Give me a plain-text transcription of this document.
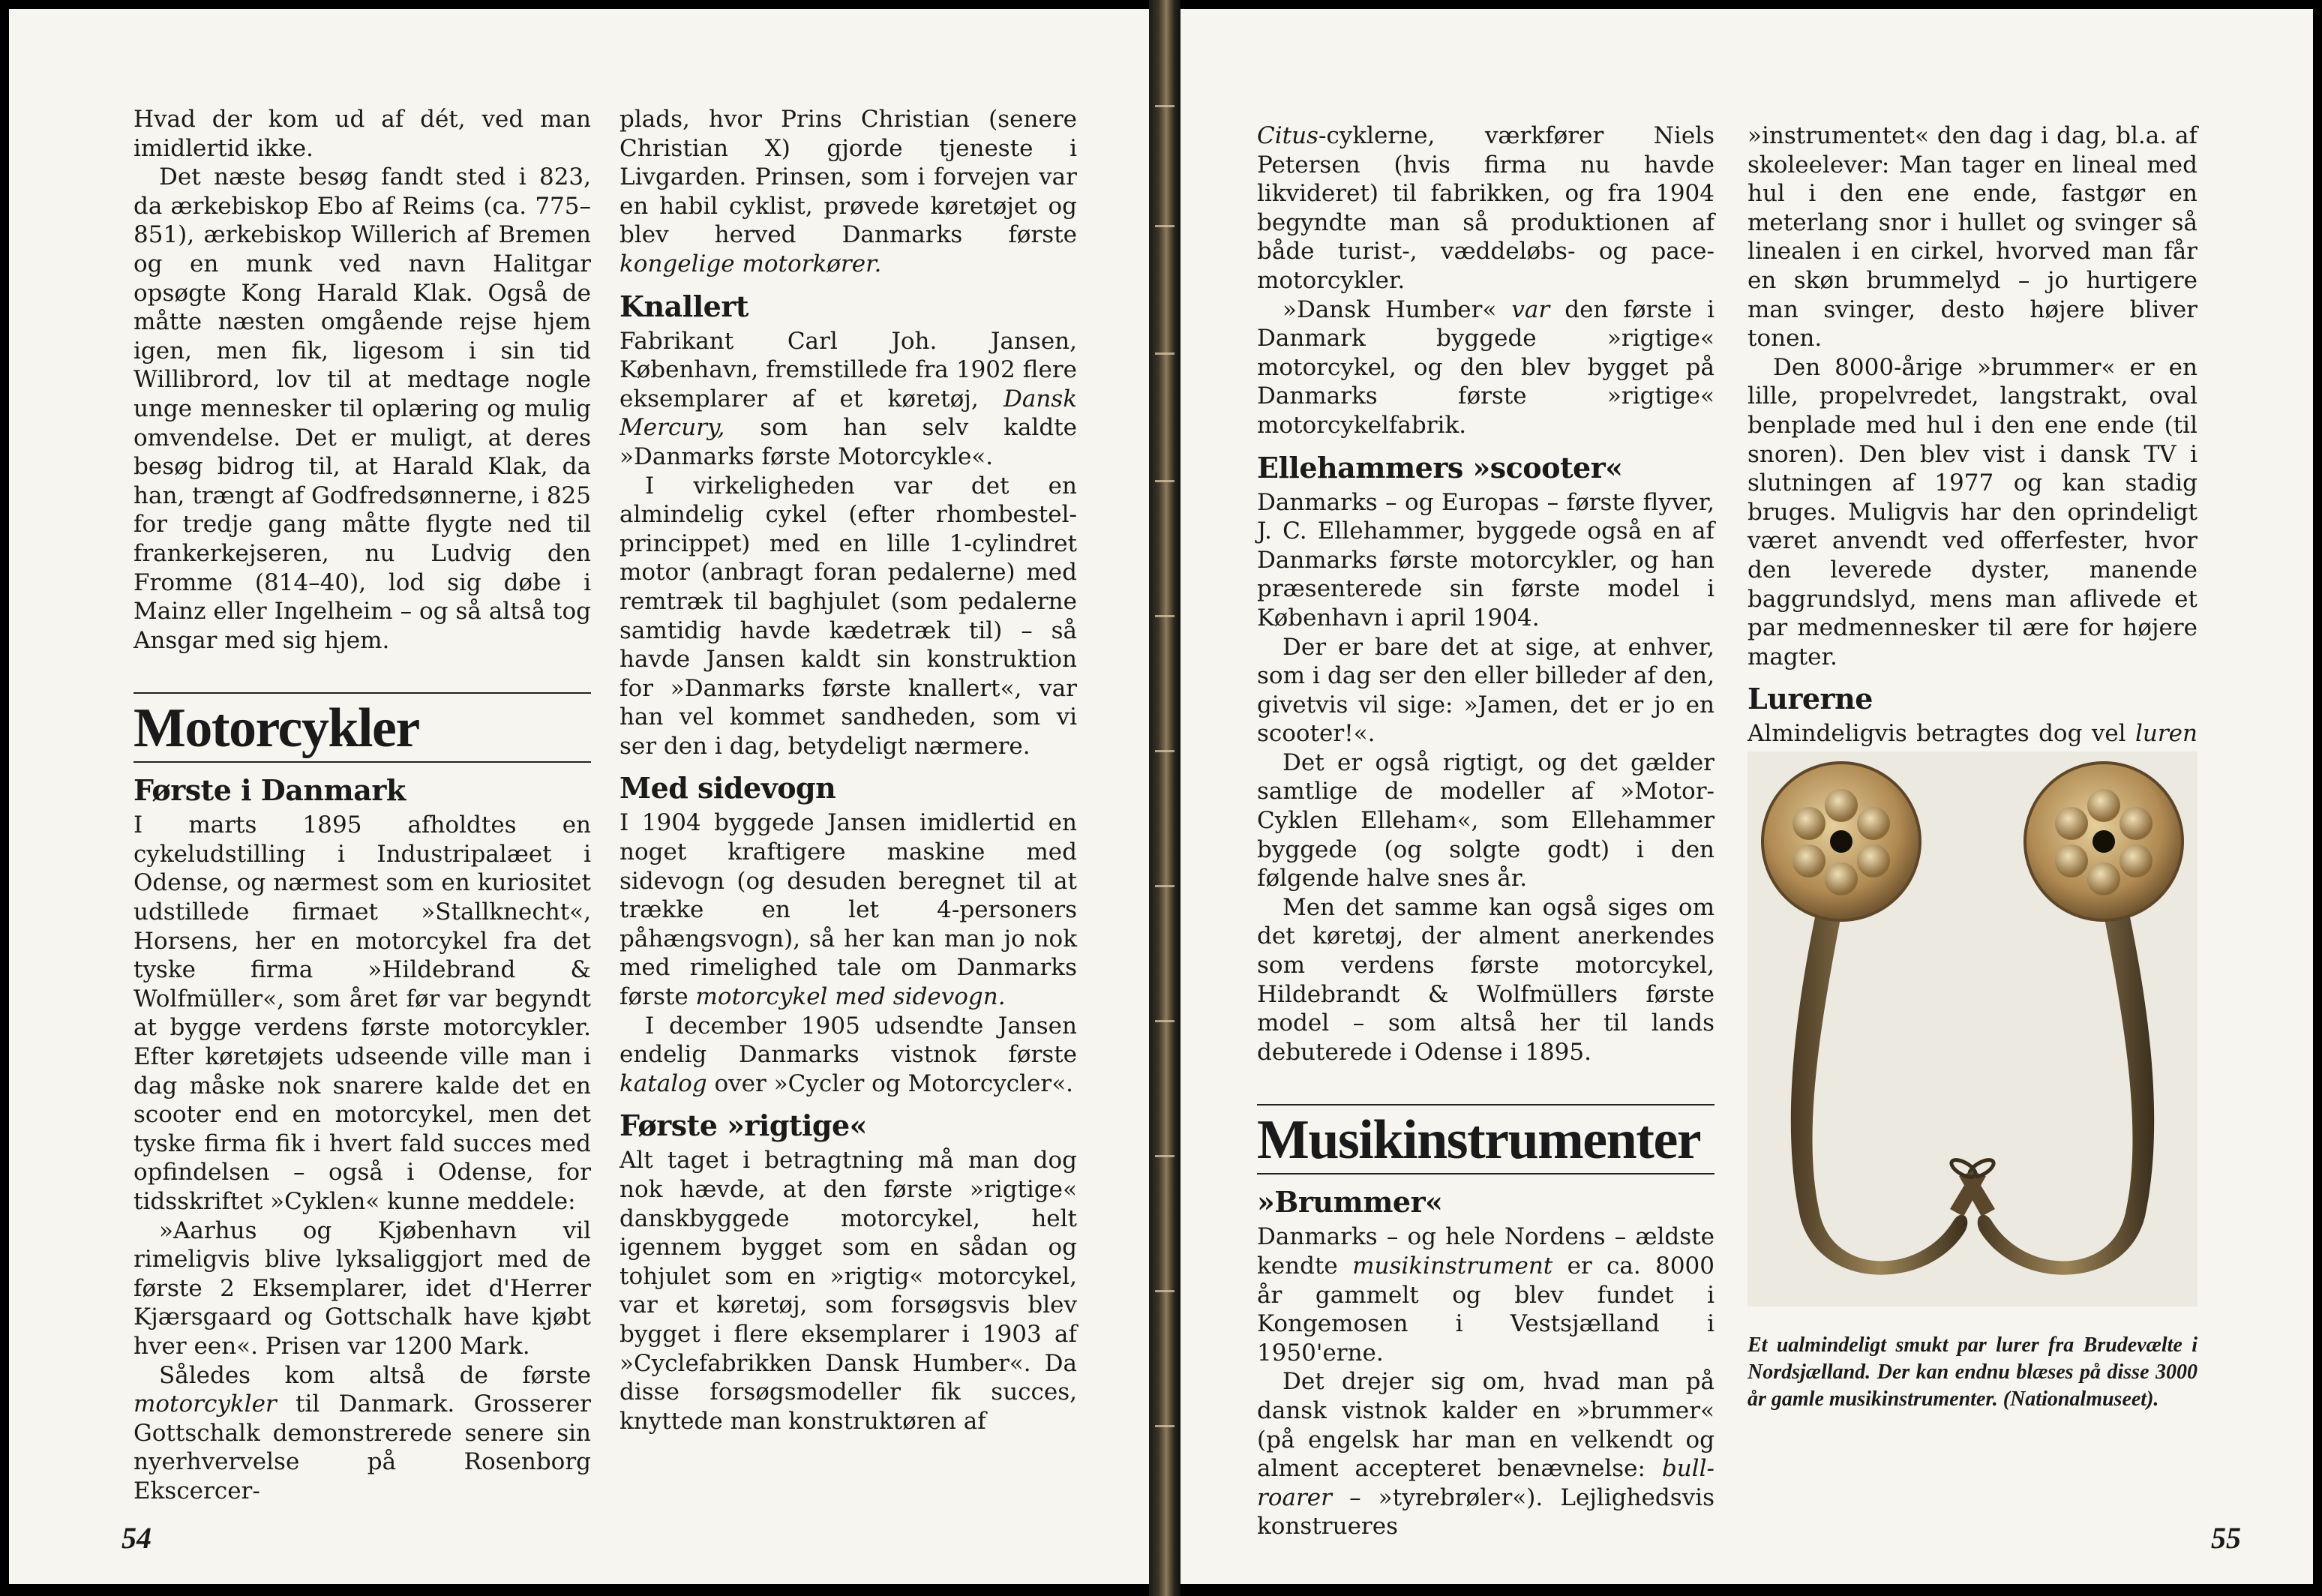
Hvad der kom ud af dét, ved man imidlertid ikke.

Det næste besøg fandt sted i 823, da ærkebiskop Ebo af Reims (ca. 775–851), ærkebiskop Willerich af Bremen og en munk ved navn Halitgar opsøgte Kong Harald Klak. Også de måtte næsten omgående rejse hjem igen, men fik, ligesom i sin tid Willibrord, lov til at medtage nogle unge mennesker til oplæring og mulig omvendelse. Det er muligt, at deres besøg bidrog til, at Harald Klak, da han, trængt af Godfredsønnerne, i 825 for tredje gang måtte flygte ned til frankerkejseren, nu Ludvig den Fromme (814–40), lod sig døbe i Mainz eller Ingelheim – og så altså tog Ansgar med sig hjem.

Motorcykler
Første i Danmark

I marts 1895 afholdtes en cykeludstilling i Industripalæet i Odense, og nærmest som en kuriositet udstillede firmaet »Stallknecht«, Horsens, her en motorcykel fra det tyske firma »Hildebrand & Wolfmüller«, som året før var begyndt at bygge verdens første motorcykler. Efter køretøjets udseende ville man i dag måske nok snarere kalde det en scooter end en motorcykel, men det tyske firma fik i hvert fald succes med opfindelsen – også i Odense, for tidsskriftet »Cyklen« kunne meddele:

»Aarhus og Kjøbenhavn vil rimeligvis blive lyksaliggjort med de første 2 Eksemplarer, idet d'Herrer Kjærsgaard og Gottschalk have kjøbt hver een«. Prisen var 1200 Mark.

Således kom altså de første motorcykler til Danmark. Grosserer Gottschalk demonstrerede senere sin nyerhvervelse på Rosenborg Ekscercer-

plads, hvor Prins Christian (senere Christian X) gjorde tjeneste i Livgarden. Prinsen, som i forvejen var en habil cyklist, prøvede køretøjet og blev herved Danmarks første kongelige motorkører.

Knallert

Fabrikant Carl Joh. Jansen, København, fremstillede fra 1902 flere eksemplarer af et køretøj, Dansk Mercury, som han selv kaldte »Danmarks første Motorcykle«.

I virkeligheden var det en almindelig cykel (efter rhombestel-princippet) med en lille 1-cylindret motor (anbragt foran pedalerne) med remtræk til baghjulet (som pedalerne samtidig havde kædetræk til) – så havde Jansen kaldt sin konstruktion for »Danmarks første knallert«, var han vel kommet sandheden, som vi ser den i dag, betydeligt nærmere.

Med sidevogn

I 1904 byggede Jansen imidlertid en noget kraftigere maskine med sidevogn (og desuden beregnet til at trække en let 4-personers påhængsvogn), så her kan man jo nok med rimelighed tale om Danmarks første motorcykel med sidevogn.

I december 1905 udsendte Jansen endelig Danmarks vistnok første katalog over »Cycler og Motorcycler«.

Første »rigtige«

Alt taget i betragtning må man dog nok hævde, at den første »rigtige« danskbyggede motorcykel, helt igennem bygget som en sådan og tohjulet som en »rigtig« motorcykel, var et køretøj, som forsøgsvis blev bygget i flere eksemplarer i 1903 af »Cyclefabrikken Dansk Humber«. Da disse forsøgsmodeller fik succes, knyttede man konstruktøren af

54

Citus-cyklerne, værkfører Niels Petersen (hvis firma nu havde likvideret) til fabrikken, og fra 1904 begyndte man så produktionen af både turist-, væddeløbs- og pace-motorcykler.

»Dansk Humber« var den første i Danmark byggede »rigtige« motorcykel, og den blev bygget på Danmarks første »rigtige« motorcykelfabrik.

Ellehammers »scooter«

Danmarks – og Europas – første flyver, J. C. Ellehammer, byggede også en af Danmarks første motorcykler, og han præsenterede sin første model i København i april 1904.

Der er bare det at sige, at enhver, som i dag ser den eller billeder af den, givetvis vil sige: »Jamen, det er jo en scooter!«.

Det er også rigtigt, og det gælder samtlige de modeller af »Motor-Cyklen Elleham«, som Ellehammer byggede (og solgte godt) i den følgende halve snes år.

Men det samme kan også siges om det køretøj, der alment anerkendes som verdens første motorcykel, Hildebrandt & Wolfmüllers første model – som altså her til lands debuterede i Odense i 1895.

Musikinstrumenter
»Brummer«

Danmarks – og hele Nordens – ældste kendte musikinstrument er ca. 8000 år gammelt og blev fundet i Kongemosen i Vestsjælland i 1950'erne.

Det drejer sig om, hvad man på dansk vistnok kalder en »brummer« (på engelsk har man en velkendt og alment accepteret benævnelse: bull-roarer – »tyrebrøler«). Lejlighedsvis konstrueres

»instrumentet« den dag i dag, bl.a. af skoleelever: Man tager en lineal med hul i den ene ende, fastgør en meterlang snor i hullet og svinger så linealen i en cirkel, hvorved man får en skøn brummelyd – jo hurtigere man svinger, desto højere bliver tonen.

Den 8000-årige »brummer« er en lille, propelvredet, langstrakt, oval benplade med hul i den ene ende (til snoren). Den blev vist i dansk TV i slutningen af 1977 og kan stadig bruges. Muligvis har den oprindeligt været anvendt ved offerfester, hvor den leverede dyster, manende baggrundslyd, mens man aflivede et par medmennesker til ære for højere magter.

Lurerne

Almindeligvis betragtes dog vel luren

Et ualmindeligt smukt par lurer fra Brudevælte i Nordsjælland. Der kan endnu blæses på disse 3000 år gamle musikinstrumenter. (Nationalmuseet).
55
